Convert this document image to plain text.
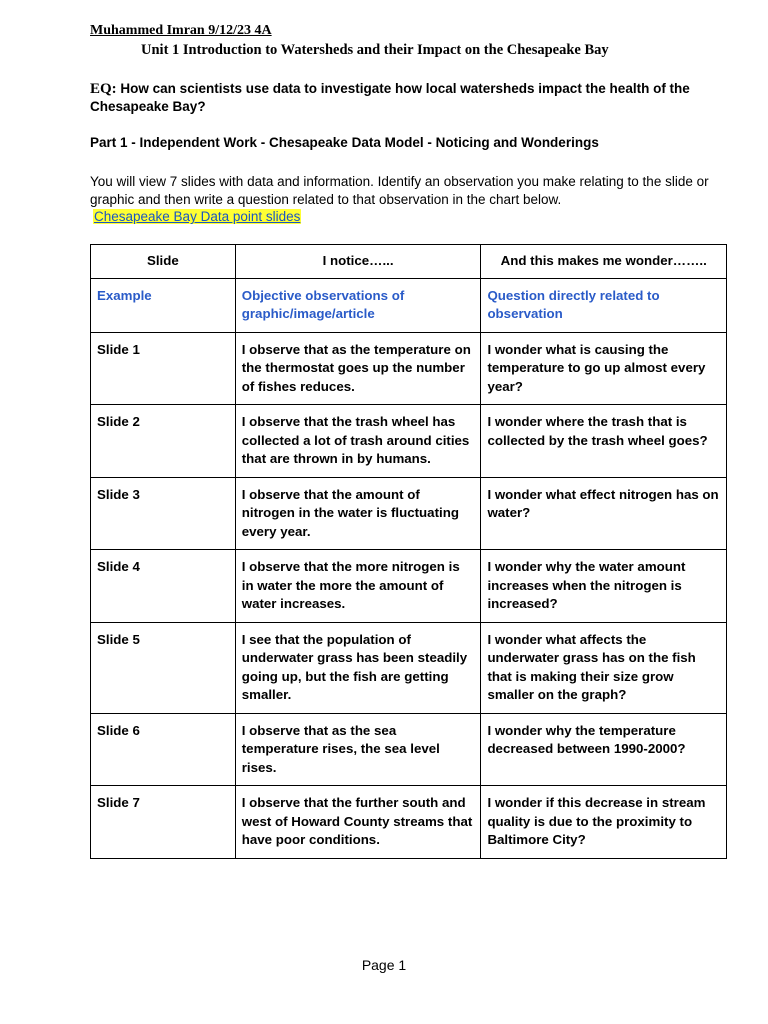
Muhammed Imran 9/12/23 4A
Unit 1 Introduction to Watersheds and their Impact on the Chesapeake Bay
EQ: How can scientists use data to investigate how local watersheds impact the health of the Chesapeake Bay?
Part 1 - Independent Work - Chesapeake Data Model - Noticing and Wonderings
You will view 7 slides with data and information. Identify an observation you make relating to the slide or graphic and then write a question related to that observation in the chart below.
Chesapeake Bay Data point slides
Slide	I notice…...	And this makes me wonder……..
Example	Objective observations of graphic/image/article	Question directly related to observation
Slide 1	I observe that as the temperature on the thermostat goes up the number of fishes reduces.	I wonder what is causing the temperature to go up almost every year?
Slide 2	I observe that the trash wheel has collected a lot of trash around cities that are thrown in by humans.	I wonder where the trash that is collected by the trash wheel goes?
Slide 3	I observe that the amount of nitrogen in the water is fluctuating every year.	I wonder what effect nitrogen has on water?
Slide 4	I observe that the more nitrogen is in water the more the amount of water increases.	I wonder why the water amount increases when the nitrogen is increased?
Slide 5	I see that the population of underwater grass has been steadily going up, but the fish are getting smaller.	I wonder what affects the underwater grass has on the fish that is making their size grow smaller on the graph?
Slide 6	I observe that as the sea temperature rises, the sea level rises.	I wonder why the temperature decreased between 1990-2000?
Slide 7	I observe that the further south and west of Howard County streams that have poor conditions.	I wonder if this decrease in stream quality is due to the proximity to Baltimore City?
Page 1
